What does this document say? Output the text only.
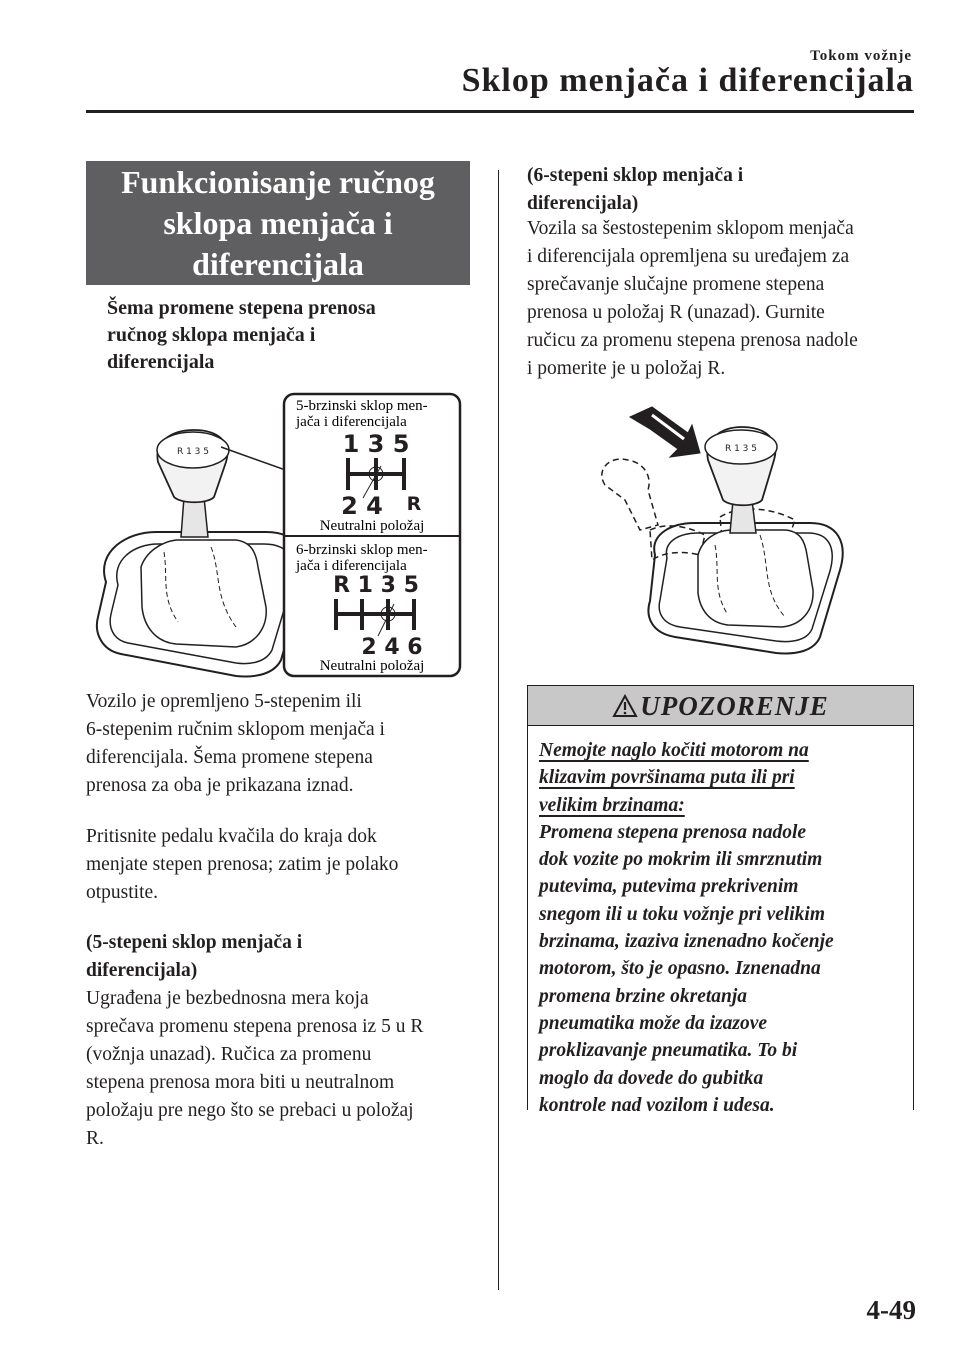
Tokom vožnje
Sklop menjača i diferencijala
Funkcionisanje ručnog
sklopa menjača i
diferencijala
Šema promene stepena prenosa
ručnog sklopa menjača i
diferencijala
R 1 3 5
5-brzinski sklop men-
jača i diferencijala
1 3 5
2 4 R
Neutralni položaj
6-brzinski sklop men-
jača i diferencijala
R 1 3 5
2 4 6
Neutralni položaj
Vozilo je opremljeno 5-stepenim ili
6-stepenim ručnim sklopom menjača i
diferencijala. Šema promene stepena
prenosa za oba je prikazana iznad.
Pritisnite pedalu kvačila do kraja dok
menjate stepen prenosa; zatim je polako
otpustite.
(5-stepeni sklop menjača i
diferencijala)
Ugrađena je bezbednosna mera koja
sprečava promenu stepena prenosa iz 5 u R
(vožnja unazad). Ručica za promenu
stepena prenosa mora biti u neutralnom
položaju pre nego što se prebaci u položaj
R.
(6-stepeni sklop menjača i
diferencijala)
Vozila sa šestostepenim sklopom menjača
i diferencijala opremljena su uređajem za
sprečavanje slučajne promene stepena
prenosa u položaj R (unazad). Gurnite
ručicu za promenu stepena prenosa nadole
i pomerite je u položaj R.
R 1 3 5
UPOZORENJE
Nemojte naglo kočiti motorom na
klizavim površinama puta ili pri
velikim brzinama:
Promena stepena prenosa nadole
dok vozite po mokrim ili smrznutim
putevima, putevima prekrivenim
snegom ili u toku vožnje pri velikim
brzinama, izaziva iznenadno kočenje
motorom, što je opasno. Iznenadna
promena brzine okretanja
pneumatika može da izazove
proklizavanje pneumatika. To bi
moglo da dovede do gubitka
kontrole nad vozilom i udesa.
4-49
